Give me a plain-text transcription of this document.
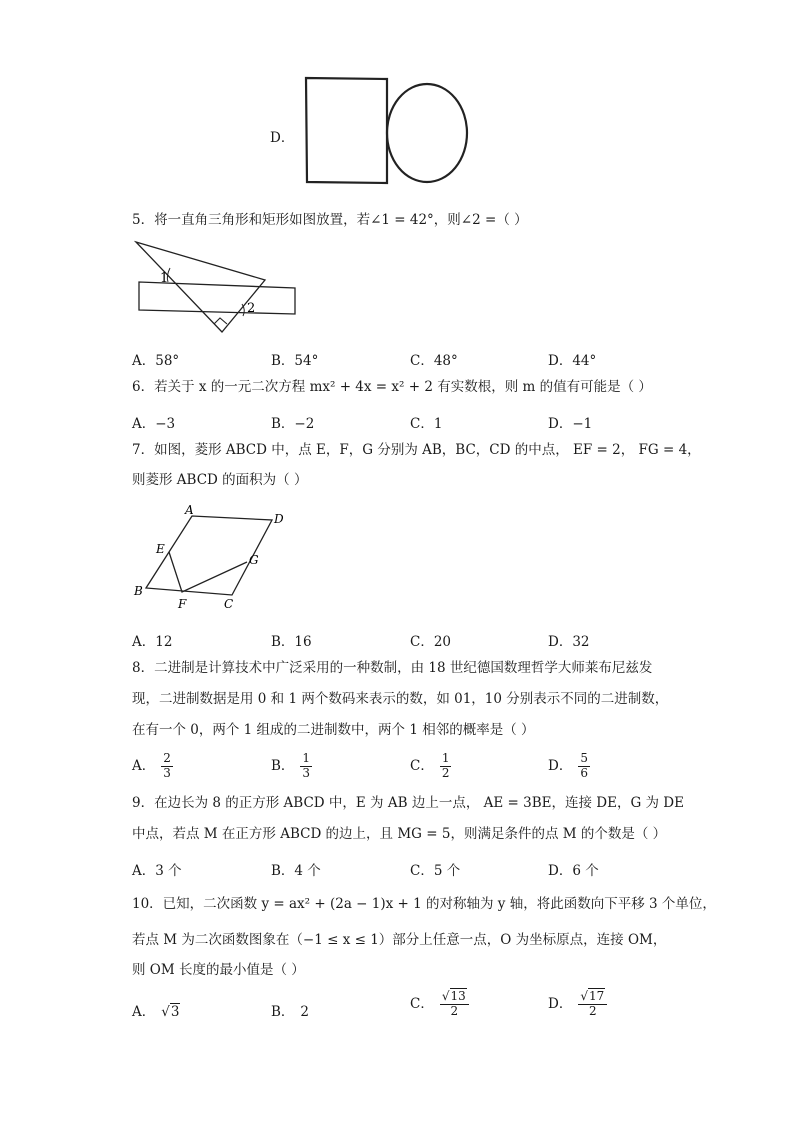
D．
5．将一直角三角形和矩形如图放置，若∠1 = 42°，则∠2 =（ ）
1
2
A．58°	B．54°	C．48°	D．44°
6．若关于 x 的一元二次方程 mx² + 4x = x² + 2 有实数根，则 m 的值有可能是（ ）
A．−3	B．−2	C．1	D．−1
7．如图，菱形 ABCD 中，点 E，F，G 分别为 AB，BC，CD 的中点， EF = 2， FG = 4，
则菱形 ABCD 的面积为（ ）
A
D
E
G
B
F	C
A．12	B．16	C．20	D．32
8．二进制是计算技术中广泛采用的一种数制，由 18 世纪德国数理哲学大师莱布尼兹发
现，二进制数据是用 0 和 1 两个数码来表示的数，如 01，10 分别表示不同的二进制数，
在有一个 0，两个 1 组成的二进制数中，两个 1 相邻的概率是（ ）
A． $\frac{2}{3}$	B． $\frac{1}{3}$	C． $\frac{1}{2}$	D． $\frac{5}{6}$
9．在边长为 8 的正方形 ABCD 中，E 为 AB 边上一点， AE = 3BE，连接 DE，G 为 DE
中点，若点 M 在正方形 ABCD 的边上，且 MG = 5，则满足条件的点 M 的个数是（ ）
A．3 个	B．4 个	C．5 个	D．6 个
10．已知，二次函数 y = ax² + (2a − 1)x + 1 的对称轴为 y 轴，将此函数向下平移 3 个单位，
若点 M 为二次函数图象在（−1 ≤ x ≤ 1）部分上任意一点，O 为坐标原点，连接 OM，
则 OM 长度的最小值是（ ）
A． √3	B． 2
C． $\frac{√13}{2}$	D． $\frac{√17}{2}$
